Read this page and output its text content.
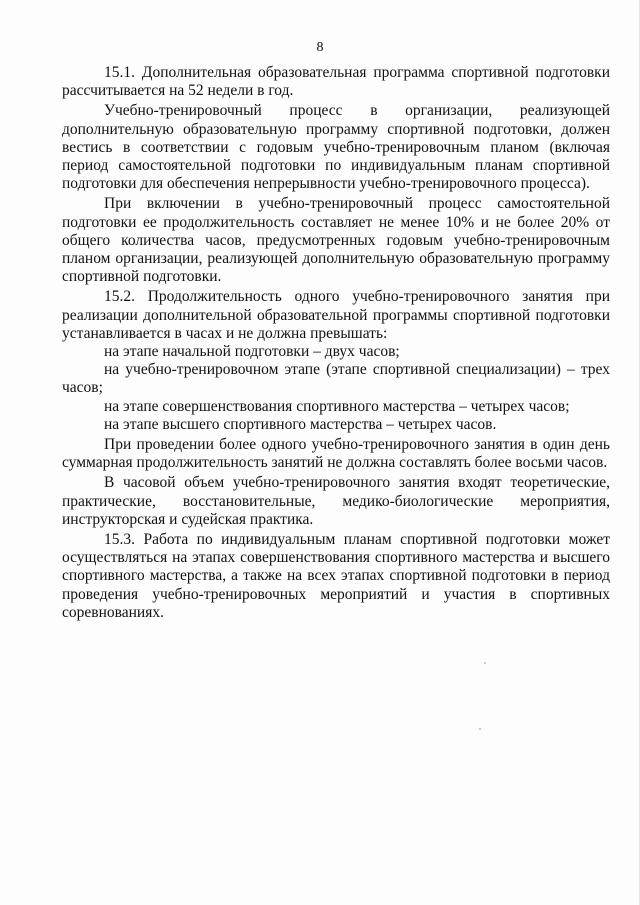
8

15.1. Дополнительная образовательная программа спортивной подготовки рассчитывается на 52 недели в год.

Учебно-тренировочный процесс в организации, реализующей дополнительную образовательную программу спортивной подготовки, должен вестись в соответствии с годовым учебно-тренировочным планом (включая период самостоятельной подготовки по индивидуальным планам спортивной подготовки для обеспечения непрерывности учебно-тренировочного процесса).

При включении в учебно-тренировочный процесс самостоятельной подготовки ее продолжительность составляет не менее 10% и не более 20% от общего количества часов, предусмотренных годовым учебно-тренировочным планом организации, реализующей дополнительную образовательную программу спортивной подготовки.

15.2. Продолжительность одного учебно-тренировочного занятия при реализации дополнительной образовательной программы спортивной подготовки устанавливается в часах и не должна превышать:

на этапе начальной подготовки – двух часов;

на учебно-тренировочном этапе (этапе спортивной специализации) – трех часов;

на этапе совершенствования спортивного мастерства – четырех часов;

на этапе высшего спортивного мастерства – четырех часов.

При проведении более одного учебно-тренировочного занятия в один день суммарная продолжительность занятий не должна составлять более восьми часов.

В часовой объем учебно-тренировочного занятия входят теоретические, практические, восстановительные, медико-биологические мероприятия, инструкторская и судейская практика.

15.3. Работа по индивидуальным планам спортивной подготовки может осуществляться на этапах совершенствования спортивного мастерства и высшего спортивного мастерства, а также на всех этапах спортивной подготовки в период проведения учебно-тренировочных мероприятий и участия в спортивных соревнованиях.
